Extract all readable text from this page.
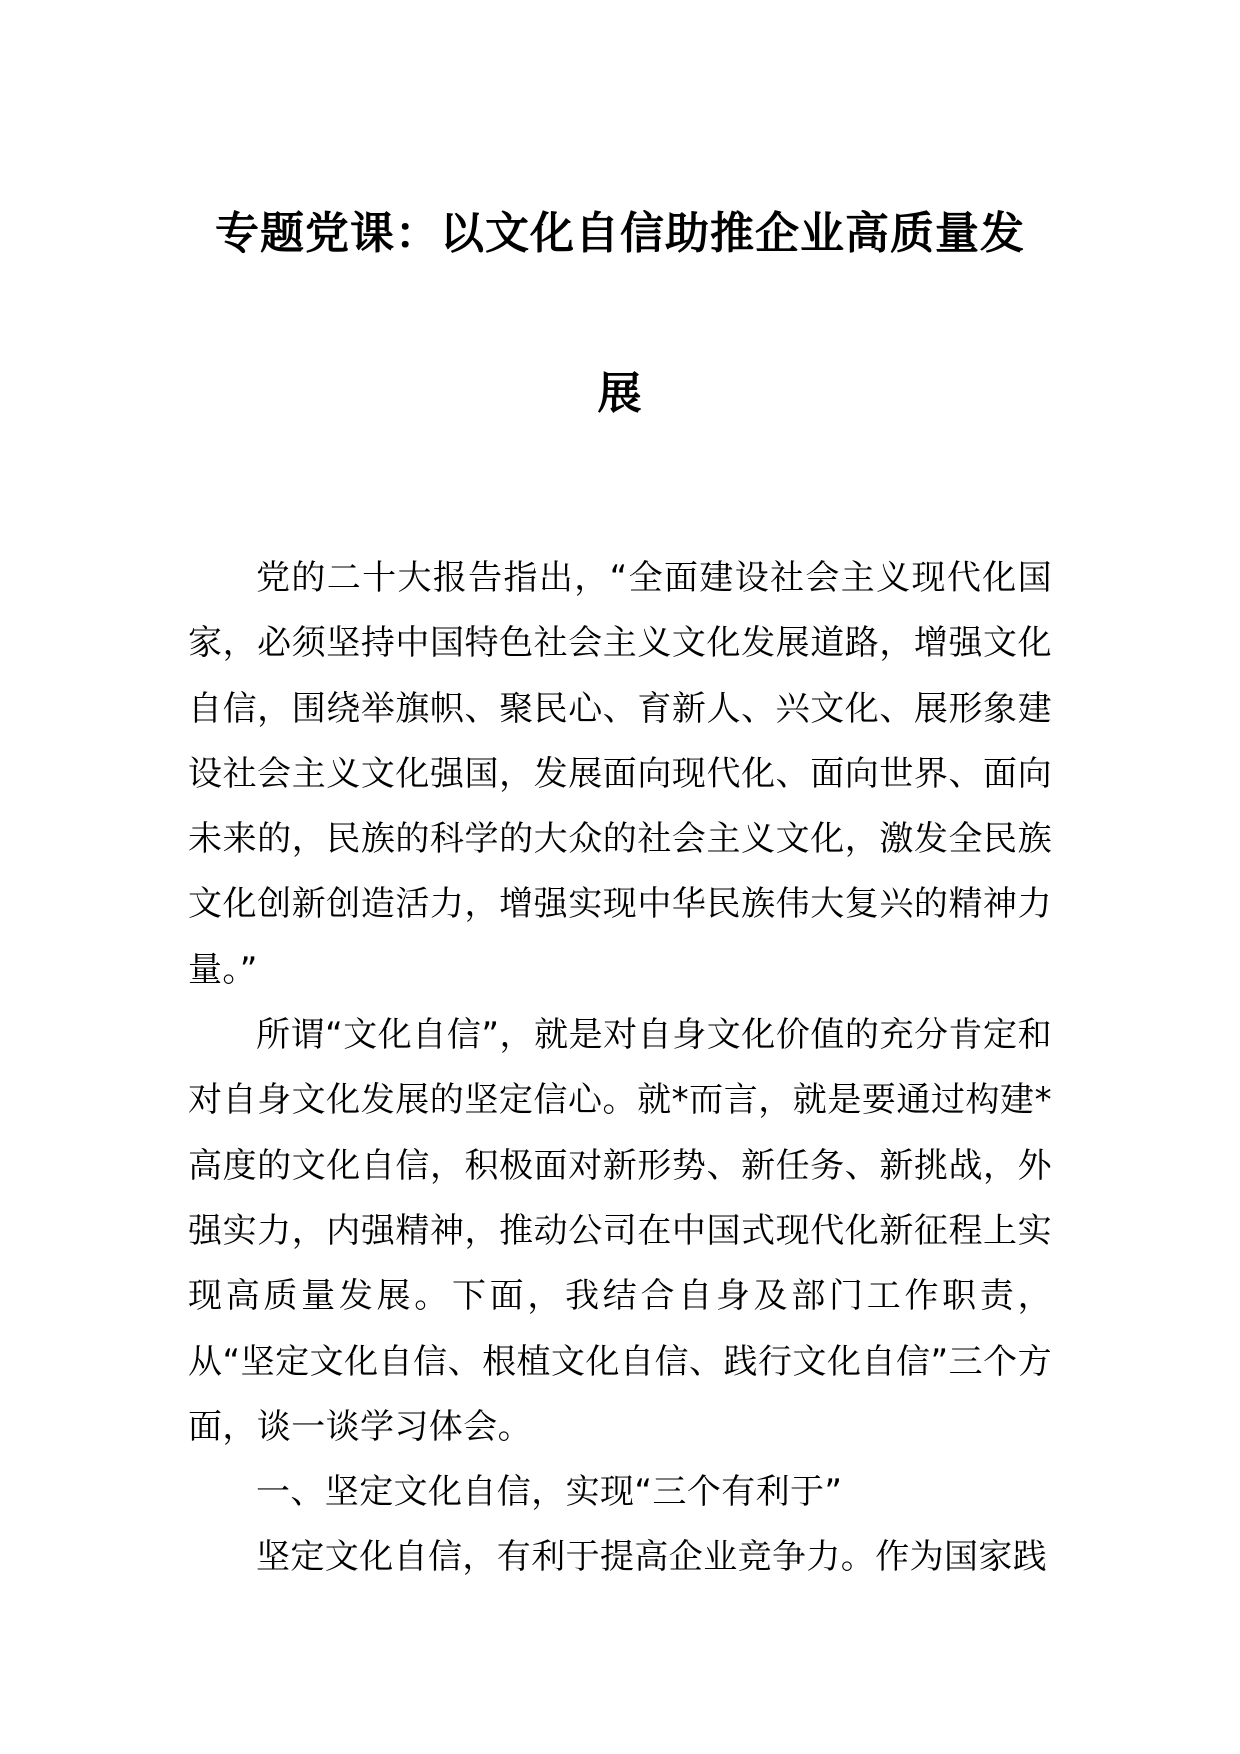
专题党课：以文化自信助推企业高质量发
展

党的二十大报告指出，“全面建设社会主义现代化国家，必须坚持中国特色社会主义文化发展道路，增强文化自信，围绕举旗帜、聚民心、育新人、兴文化、展形象建设社会主义文化强国，发展面向现代化、面向世界、面向未来的，民族的科学的大众的社会主义文化，激发全民族文化创新创造活力，增强实现中华民族伟大复兴的精神力量。”

所谓“文化自信”，就是对自身文化价值的充分肯定和对自身文化发展的坚定信心。就*而言，就是要通过构建*高度的文化自信，积极面对新形势、新任务、新挑战，外强实力，内强精神，推动公司在中国式现代化新征程上实现高质量发展。下面，我结合自身及部门工作职责，从“坚定文化自信、根植文化自信、践行文化自信”三个方面，谈一谈学习体会。

一、坚定文化自信，实现“三个有利于”

坚定文化自信，有利于提高企业竞争力。作为国家践
